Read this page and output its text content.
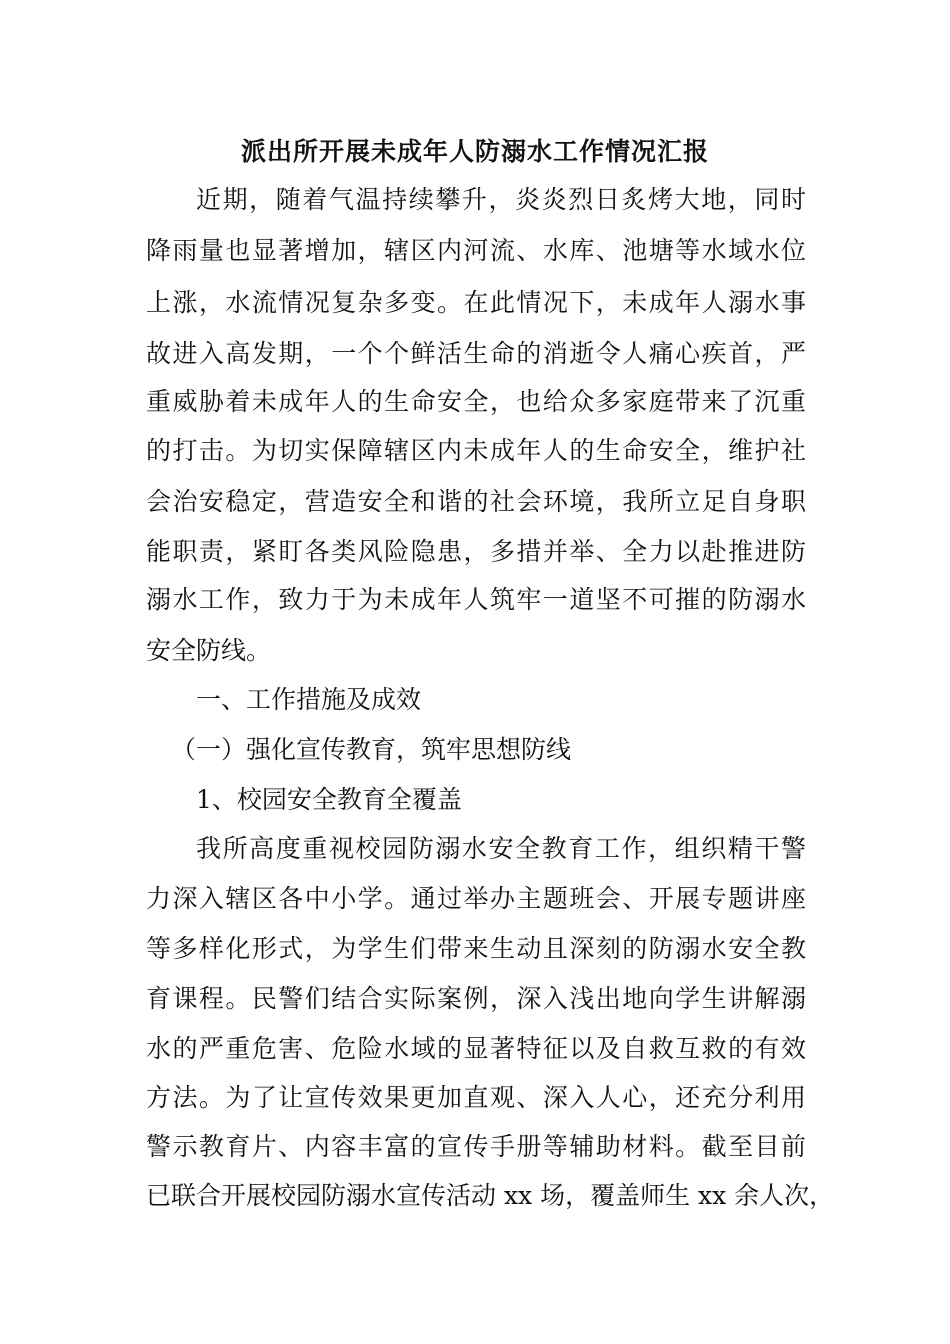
派出所开展未成年人防溺水工作情况汇报
近期，随着气温持续攀升，炎炎烈日炙烤大地，同时
降雨量也显著增加，辖区内河流、水库、池塘等水域水位
上涨，水流情况复杂多变。在此情况下，未成年人溺水事
故进入高发期，一个个鲜活生命的消逝令人痛心疾首，严
重威胁着未成年人的生命安全，也给众多家庭带来了沉重
的打击。为切实保障辖区内未成年人的生命安全，维护社
会治安稳定，营造安全和谐的社会环境，我所立足自身职
能职责，紧盯各类风险隐患，多措并举、全力以赴推进防
溺水工作，致力于为未成年人筑牢一道坚不可摧的防溺水
安全防线。
一、工作措施及成效
（一）强化宣传教育，筑牢思想防线
1、校园安全教育全覆盖
我所高度重视校园防溺水安全教育工作，组织精干警
力深入辖区各中小学。通过举办主题班会、开展专题讲座
等多样化形式，为学生们带来生动且深刻的防溺水安全教
育课程。民警们结合实际案例，深入浅出地向学生讲解溺
水的严重危害、危险水域的显著特征以及自救互救的有效
方法。为了让宣传效果更加直观、深入人心，还充分利用
警示教育片、内容丰富的宣传手册等辅助材料。截至目前
已联合开展校园防溺水宣传活动 xx 场，覆盖师生 xx 余人次，
